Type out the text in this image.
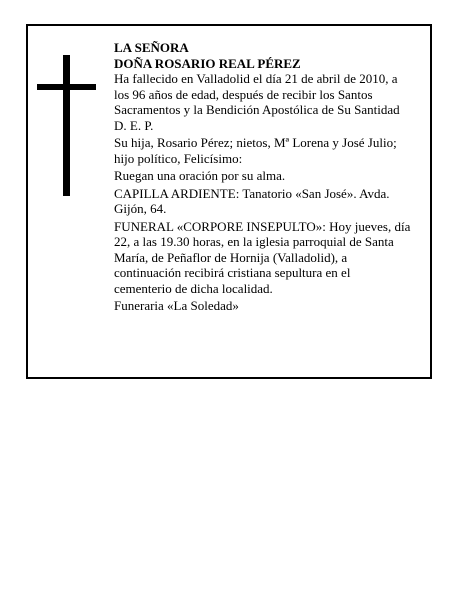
LA SEÑORA

DOÑA ROSARIO REAL PÉREZ

Ha fallecido en Valladolid el día 21 de abril de 2010, a

los 96 años de edad, después de recibir los Santos

Sacramentos y la Bendición Apostólica de Su Santidad

D. E. P.

Su hija, Rosario Pérez; nietos, Mª Lorena y José Julio;

hijo político, Felicísimo:

Ruegan una oración por su alma.

CAPILLA ARDIENTE: Tanatorio «San José». Avda.

Gijón, 64.

FUNERAL «CORPORE INSEPULTO»: Hoy jueves, día

22, a las 19.30 horas, en la iglesia parroquial de Santa

María, de Peñaflor de Hornija (Valladolid), a

continuación recibirá cristiana sepultura en el

cementerio de dicha localidad.

Funeraria «La Soledad»
